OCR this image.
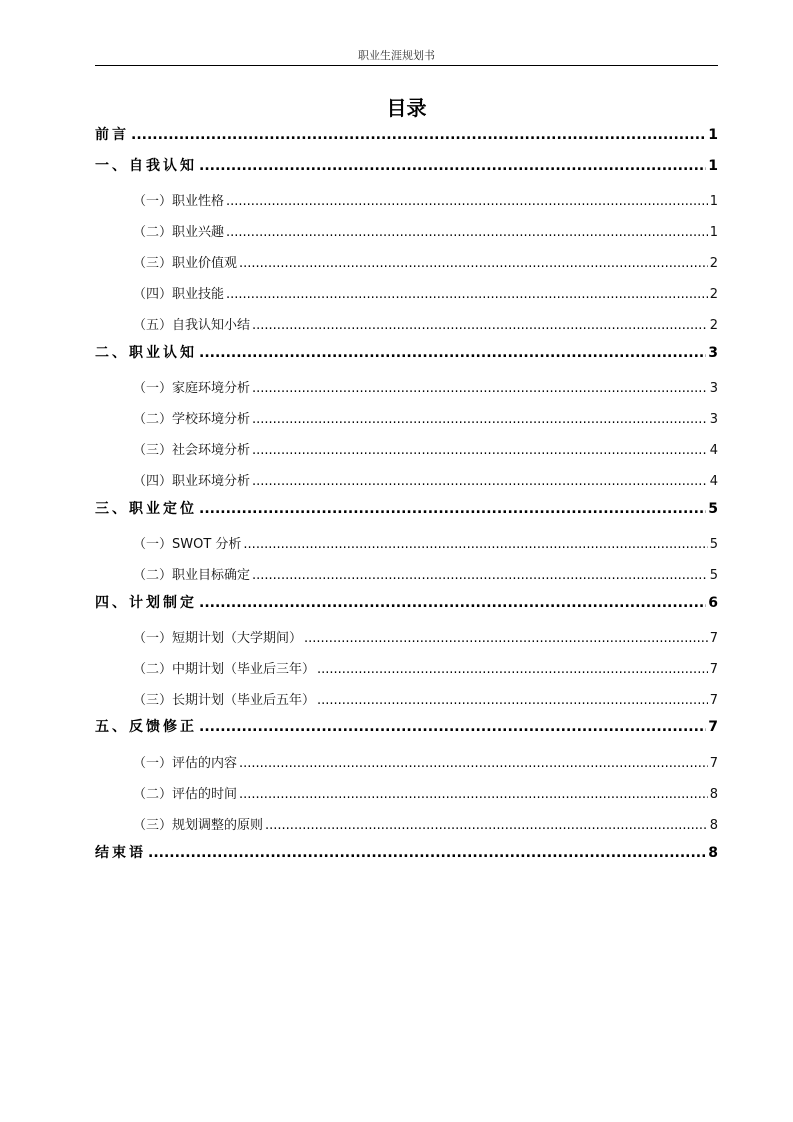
职业生涯规划书
目录
前言 .....	1
一、自我认知 .....	1
（一）职业性格 .....	1
（二）职业兴趣 .....	1
（三）职业价值观 .....	2
（四）职业技能 .....	2
（五）自我认知小结 .....	2
二、职业认知 .....	3
（一）家庭环境分析 .....	3
（二）学校环境分析 .....	3
（三）社会环境分析 .....	4
（四）职业环境分析 .....	4
三、职业定位 .....	5
（一）SWOT 分析 .....	5
（二）职业目标确定 .....	5
四、计划制定 .....	6
（一）短期计划（大学期间） .....	7
（二）中期计划（毕业后三年） .....	7
（三）长期计划（毕业后五年） .....	7
五、反馈修正 .....	7
（一）评估的内容 .....	7
（二）评估的时间 .....	8
（三）规划调整的原则 .....	8
结束语 .....	8
